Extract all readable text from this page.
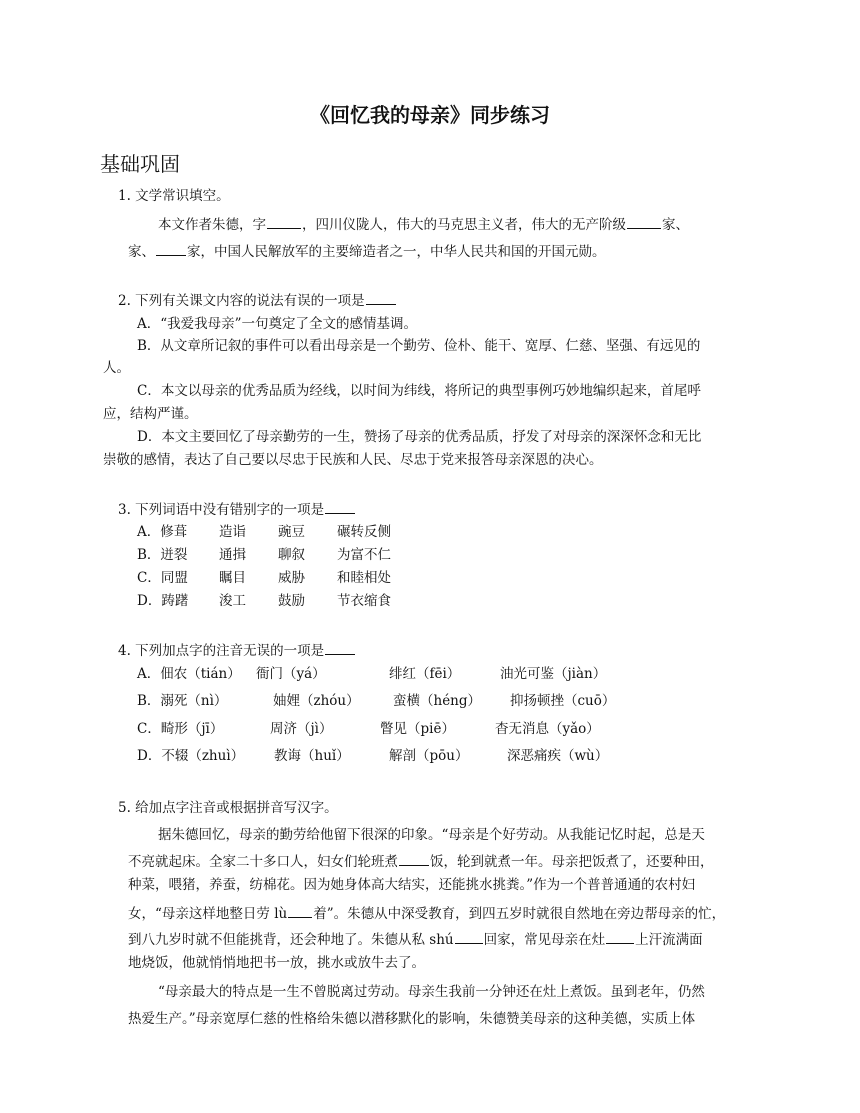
《回忆我的母亲》同步练习
基础巩固
1. 文学常识填空。
本文作者朱德，字	，四川仪陇人，伟大的马克思主义者，伟大的无产阶级	家、
家、 家，中国人民解放军的主要缔造者之一，中华人民共和国的开国元勋。
2. 下列有关课文内容的说法有误的一项是
A．“我爱我母亲”一句奠定了全文的感情基调。
B．从文章所记叙的事件可以看出母亲是一个勤劳、俭朴、能干、宽厚、仁慈、坚强、有远见的
人。
C．本文以母亲的优秀品质为经线，以时间为纬线，将所记的典型事例巧妙地编织起来，首尾呼
应，结构严谨。
D．本文主要回忆了母亲勤劳的一生，赞扬了母亲的优秀品质，抒发了对母亲的深深怀念和无比
崇敬的感情，表达了自己要以尽忠于民族和人民、尽忠于党来报答母亲深恩的决心。
3. 下列词语中没有错别字的一项是
A．修葺 造诣 豌豆 碾转反侧
B．迸裂 通揖 聊叙 为富不仁
C．同盟 瞩目 威胁 和睦相处
D．踌躇 浚工 鼓励 节衣缩食
4. 下列加点字的注音无误的一项是
A．佃农（tián） 衙门（yá）	绯红（fēi）	油光可鉴（jiàn）
B．溺死（nì）	妯娌（zhóu） 蛮横（héng） 抑扬顿挫（cuō）
C．畸形（jī）	周济（jì）	瞥见（piē）	杳无消息（yǎo）
D．不辍（zhuì） 教诲（huǐ）	解剖（pōu）	深恶痛疾（wù）
5. 给加点字注音或根据拼音写汉字。
据朱德回忆，母亲的勤劳给他留下很深的印象。“母亲是个好劳动。从我能记忆时起，总是天
不亮就起床。全家二十多口人，妇女们轮班煮 饭，轮到就煮一年。母亲把饭煮了，还要种田，
种菜，喂猪，养蚕，纺棉花。因为她身体高大结实，还能挑水挑粪。”作为一个普普通通的农村妇
女，“母亲这样地整日劳 lù 着”。朱德从中深受教育，到四五岁时就很自然地在旁边帮母亲的忙，
到八九岁时就不但能挑背，还会种地了。朱德从私 shú 回家，常见母亲在灶 上汗流满面
地烧饭，他就悄悄地把书一放，挑水或放牛去了。
“母亲最大的特点是一生不曾脱离过劳动。母亲生我前一分钟还在灶上煮饭。虽到老年，仍然
热爱生产。”母亲宽厚仁慈的性格给朱德以潜移默化的影响，朱德赞美母亲的这种美德，实质上体
